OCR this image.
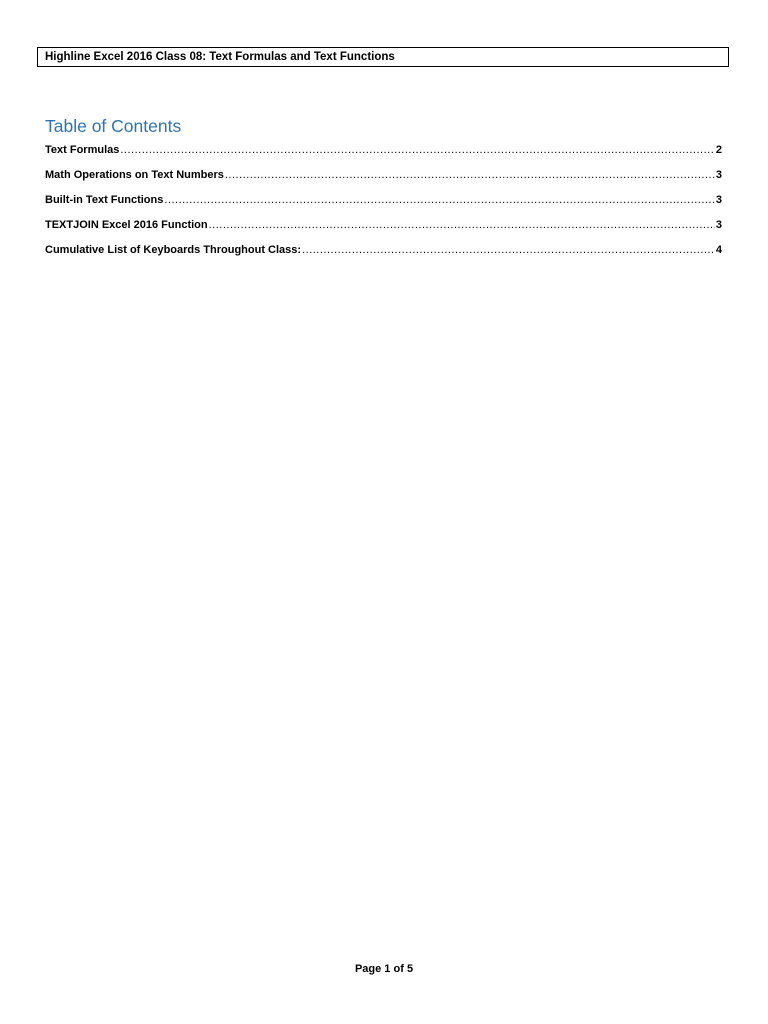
Highline Excel 2016 Class 08: Text Formulas and Text Functions
Table of Contents
Text Formulas .....	2
Math Operations on Text Numbers .....	3
Built-in Text Functions .....	3
TEXTJOIN Excel 2016 Function .....	3
Cumulative List of Keyboards Throughout Class: .....	4
Page 1 of 5
